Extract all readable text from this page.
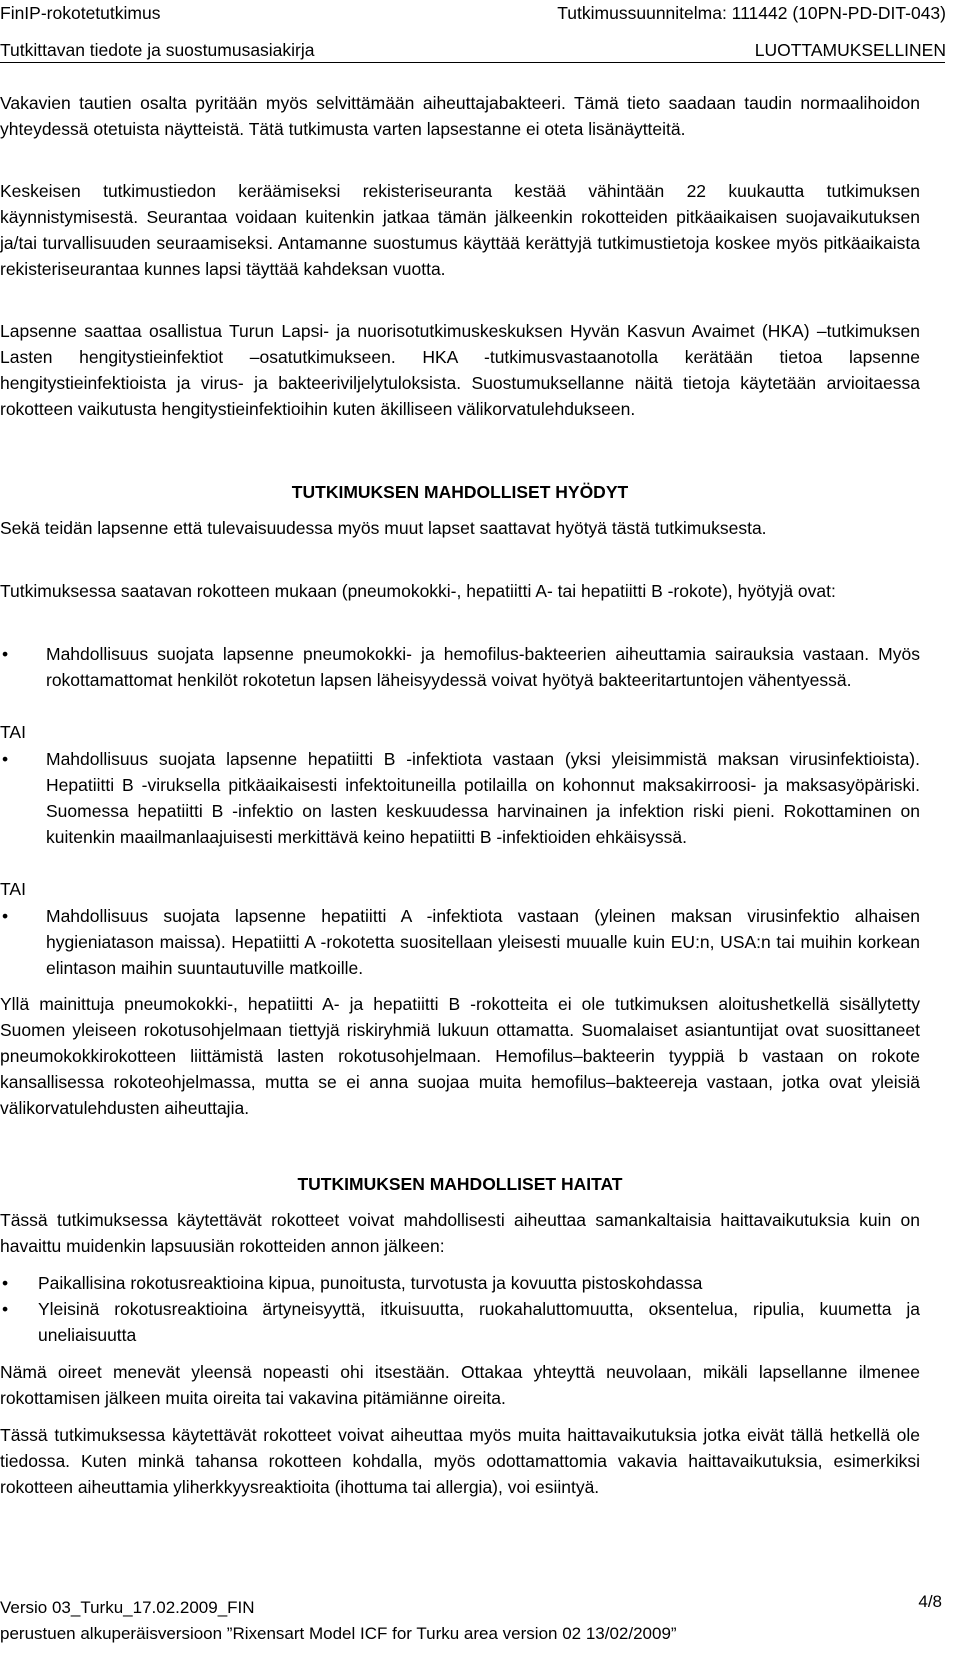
FinIP-rokotetutkimus	Tutkimussuunnitelma: 111442 (10PN-PD-DIT-043)
Tutkittavan tiedote ja suostumusasiakirja	LUOTTAMUKSELLINEN
Vakavien tautien osalta pyritään myös selvittämään aiheuttajabakteeri. Tämä tieto saadaan taudin normaalihoidon yhteydessä otetuista näytteistä. Tätä tutkimusta varten lapsestanne ei oteta lisänäytteitä.
Keskeisen tutkimustiedon keräämiseksi rekisteriseuranta kestää vähintään 22 kuukautta tutkimuksen käynnistymisestä. Seurantaa voidaan kuitenkin jatkaa tämän jälkeenkin rokotteiden pitkäaikaisen suojavaikutuksen ja/tai turvallisuuden seuraamiseksi. Antamanne suostumus käyttää kerättyjä tutkimustietoja koskee myös pitkäaikaista rekisteriseurantaa kunnes lapsi täyttää kahdeksan vuotta.
Lapsenne saattaa osallistua Turun Lapsi- ja nuorisotutkimuskeskuksen Hyvän Kasvun Avaimet (HKA) –tutkimuksen Lasten hengitystieinfektiot –osatutkimukseen. HKA -tutkimusvastaanotolla kerätään tietoa lapsenne hengitystieinfektioista ja virus- ja bakteeriviljelytuloksista. Suostumuksellanne näitä tietoja käytetään arvioitaessa rokotteen vaikutusta hengitystieinfektioihin kuten äkilliseen välikorvatulehdukseen.
TUTKIMUKSEN MAHDOLLISET HYÖDYT
Sekä teidän lapsenne että tulevaisuudessa myös muut lapset saattavat hyötyä tästä tutkimuksesta.
Tutkimuksessa saatavan rokotteen mukaan (pneumokokki-, hepatiitti A- tai hepatiitti B -rokote), hyötyjä ovat:
• Mahdollisuus suojata lapsenne pneumokokki- ja hemofilus-bakteerien aiheuttamia sairauksia vastaan. Myös rokottamattomat henkilöt rokotetun lapsen läheisyydessä voivat hyötyä bakteeritartuntojen vähentyessä.
TAI
• Mahdollisuus suojata lapsenne hepatiitti B -infektiota vastaan (yksi yleisimmistä maksan virusinfektioista). Hepatiitti B -viruksella pitkäaikaisesti infektoituneilla potilailla on kohonnut maksakirroosi- ja maksasyöpäriski. Suomessa hepatiitti B -infektio on lasten keskuudessa harvinainen ja infektion riski pieni. Rokottaminen on kuitenkin maailmanlaajuisesti merkittävä keino hepatiitti B -infektioiden ehkäisyssä.
TAI
• Mahdollisuus suojata lapsenne hepatiitti A -infektiota vastaan (yleinen maksan virusinfektio alhaisen hygieniatason maissa). Hepatiitti A -rokotetta suositellaan yleisesti muualle kuin EU:n, USA:n tai muihin korkean elintason maihin suuntautuville matkoille.
Yllä mainittuja pneumokokki-, hepatiitti A- ja hepatiitti B -rokotteita ei ole tutkimuksen aloitushetkellä sisällytetty Suomen yleiseen rokotusohjelmaan tiettyjä riskiryhmiä lukuun ottamatta. Suomalaiset asiantuntijat ovat suosittaneet pneumokokkirokotteen liittämistä lasten rokotusohjelmaan. Hemofilus–bakteerin tyyppiä b vastaan on rokote kansallisessa rokoteohjelmassa, mutta se ei anna suojaa muita hemofilus–bakteereja vastaan, jotka ovat yleisiä välikorvatulehdusten aiheuttajia.
TUTKIMUKSEN MAHDOLLISET HAITAT
Tässä tutkimuksessa käytettävät rokotteet voivat mahdollisesti aiheuttaa samankaltaisia haittavaikutuksia kuin on havaittu muidenkin lapsuusiän rokotteiden annon jälkeen:
• Paikallisina rokotusreaktioina kipua, punoitusta, turvotusta ja kovuutta pistoskohdassa
• Yleisinä rokotusreaktioina ärtyneisyyttä, itkuisuutta, ruokahaluttomuutta, oksentelua, ripulia, kuumetta ja uneliaisuutta
Nämä oireet menevät yleensä nopeasti ohi itsestään. Ottakaa yhteyttä neuvolaan, mikäli lapsellanne ilmenee rokottamisen jälkeen muita oireita tai vakavina pitämiänne oireita.
Tässä tutkimuksessa käytettävät rokotteet voivat aiheuttaa myös muita haittavaikutuksia jotka eivät tällä hetkellä ole tiedossa. Kuten minkä tahansa rokotteen kohdalla, myös odottamattomia vakavia haittavaikutuksia, esimerkiksi rokotteen aiheuttamia yliherkkyysreaktioita (ihottuma tai allergia), voi esiintyä.
Versio 03_Turku_17.02.2009_FIN	4/8
perustuen alkuperäisversioon ”Rixensart Model ICF for Turku area version 02 13/02/2009”
